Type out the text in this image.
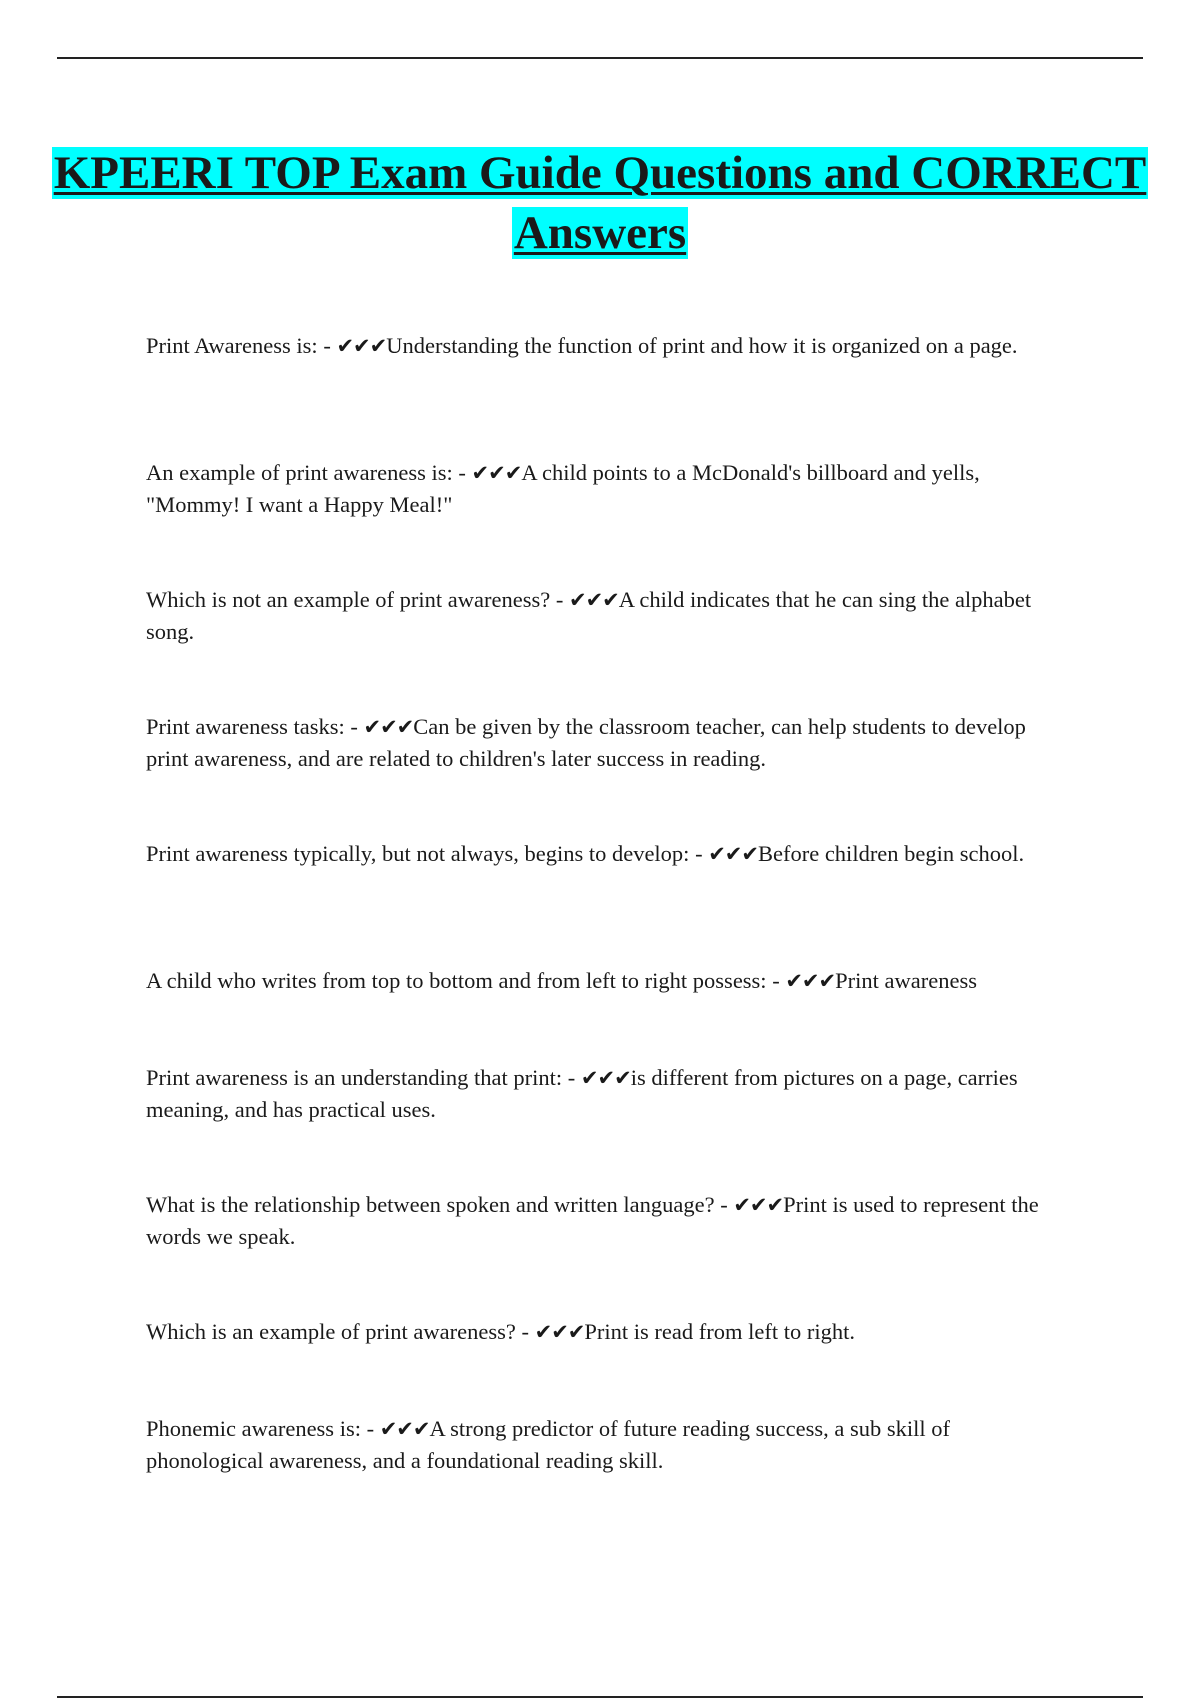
KPEERI TOP Exam Guide Questions and CORRECT Answers

Print Awareness is: - ✔✔✔Understanding the function of print and how it is organized on a page.

An example of print awareness is: - ✔✔✔A child points to a McDonald's billboard and yells, "Mommy! I want a Happy Meal!"

Which is not an example of print awareness? - ✔✔✔A child indicates that he can sing the alphabet song.

Print awareness tasks: - ✔✔✔Can be given by the classroom teacher, can help students to develop print awareness, and are related to children's later success in reading.

Print awareness typically, but not always, begins to develop: - ✔✔✔Before children begin school.

A child who writes from top to bottom and from left to right possess: - ✔✔✔Print awareness

Print awareness is an understanding that print: - ✔✔✔is different from pictures on a page, carries meaning, and has practical uses.

What is the relationship between spoken and written language? - ✔✔✔Print is used to represent the words we speak.

Which is an example of print awareness? - ✔✔✔Print is read from left to right.

Phonemic awareness is: - ✔✔✔A strong predictor of future reading success, a sub skill of phonological awareness, and a foundational reading skill.
